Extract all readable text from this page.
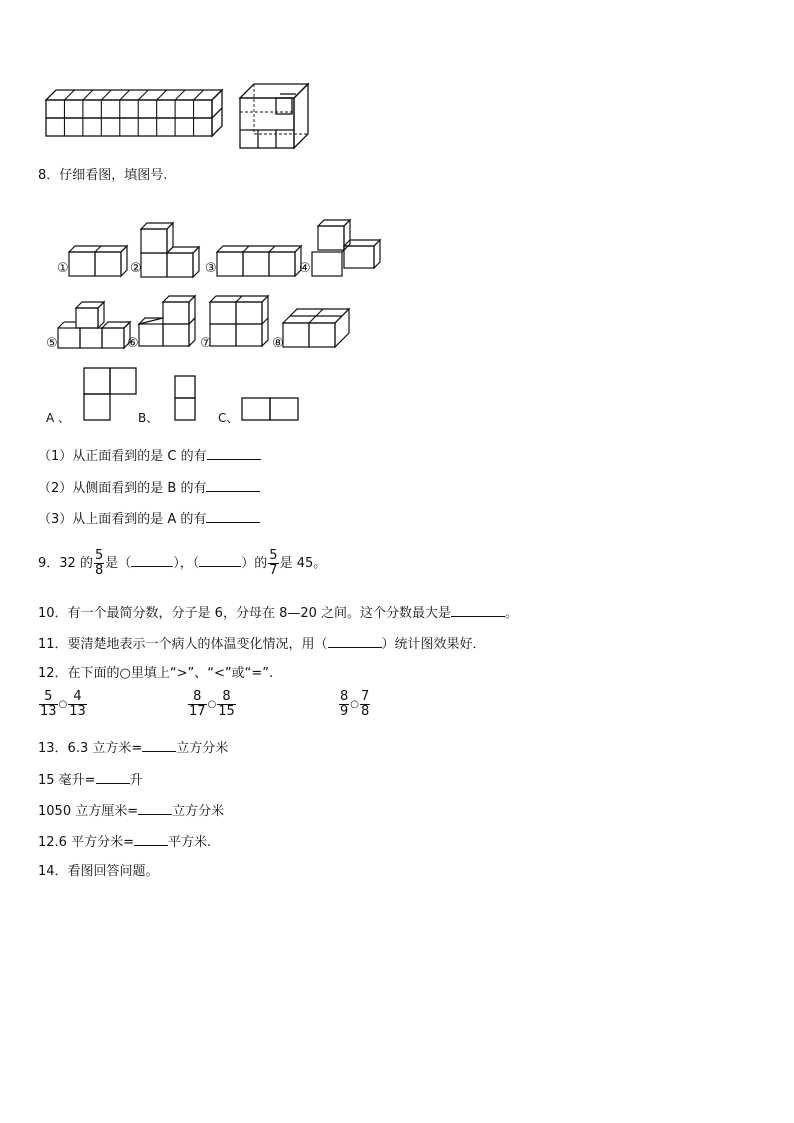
8．仔细看图，填图号.
①	②	③	④
⑤	⑥	⑦	⑧
A 、	B、	C、
（1）从正面看到的是 C 的有
（2）从侧面看到的是 B 的有
（3）从上面看到的是 A 的有
9．32 的 $\frac{5}{8}$ 是（	），（	）的 $\frac{5}{7}$ 是 45。
10．有一个最简分数，分子是 6，分母在 8—20 之间。这个分数最大是	。
11．要清楚地表示一个病人的体温变化情况，用（	）统计图效果好．
12．在下面的○里填上“>”、“<”或“=”.
$\frac{5}{13}$ ○ $\frac{4}{13}$	$\frac{8}{17}$ ○ $\frac{8}{15}$	$\frac{8}{9}$ ○ $\frac{7}{8}$
13．6.3 立方米=	立方分米
15 毫升=	升
1050 立方厘米=	立方分米
12.6 平方分米=	平方米.
14．看图回答问题。
